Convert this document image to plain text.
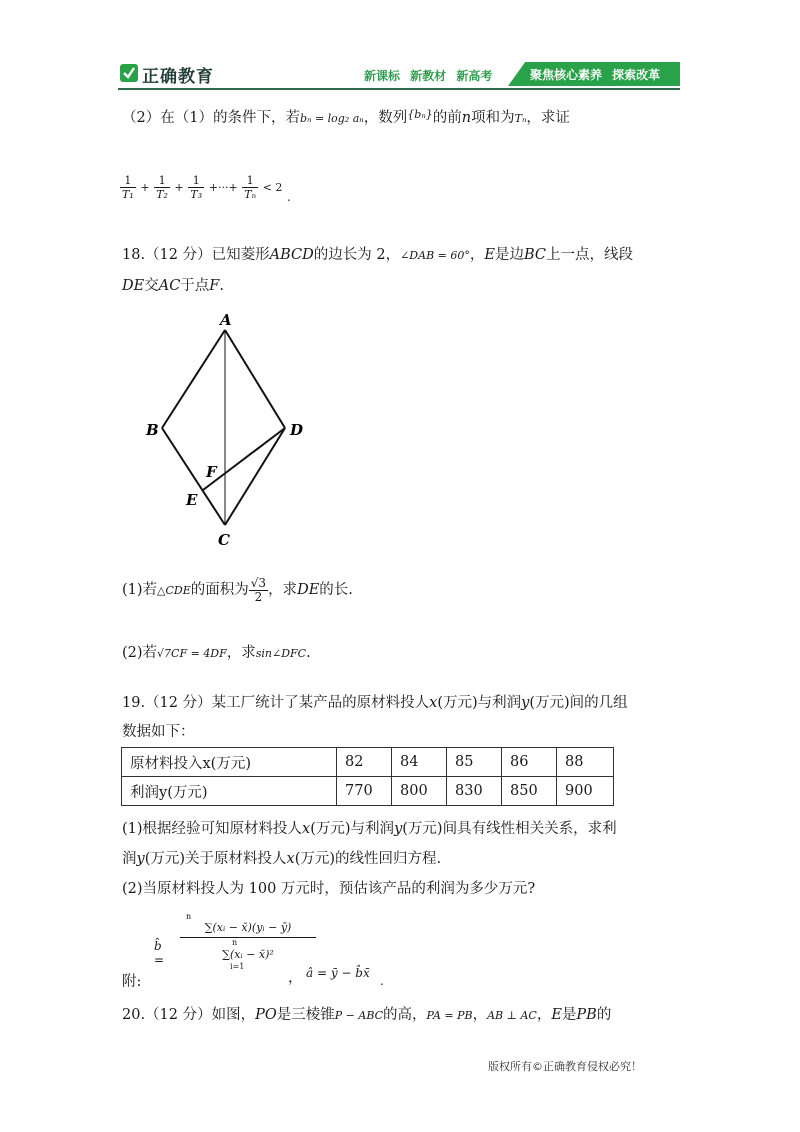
正确教育	新课标 新教材 新高考	聚焦核心素养 探索改革
（2）在（1）的条件下，若bₙ = log₂ aₙ，数列$^{\{b_n\}}$的前n项和为Tₙ，求证
$\frac{1}{\text{T₁}} + \frac{1}{\text{T₂}} + \frac{1}{\text{T₃}}$ +···+ $\frac{1}{\text{Tₙ}} < 2$ $_.$
18.（12 分）已知菱形ABCD的边长为 2，∠DAB = 60°，E是边BC上一点，线段
DE交AC于点F.
A
B	D
F
E
C
(1)若△CDE的面积为 $\frac{√3}{2}$ ，求DE的长.
(2)若√7CF = 4DF，求sin∠DFC.
19.（12 分）某工厂统计了某产品的原材料投人x(万元)与利润y(万元)间的几组
数据如下：
原材料投入x(万元)	82	84	85	86	88
利润y(万元)	770	800	830	850	900
(1)根据经验可知原材料投人x(万元)与利润y(万元)间具有线性相关关系，求利
润y(万元)关于原材料投人x(万元)的线性回归方程.
(2)当原材料投人为 100 万元时，预估该产品的利润为多少万元?
b̂ =
n
∑(xᵢ − x̄)(yᵢ − ȳ)
n
∑(xᵢ − x̄)²
i=1
附:	， â = ȳ − b̂x̄
.
20.（12 分）如图，PO是三棱锥P − ABC的高，PA = PB，AB ⊥ AC，E是PB的
版权所有©正确教育侵权必究！
